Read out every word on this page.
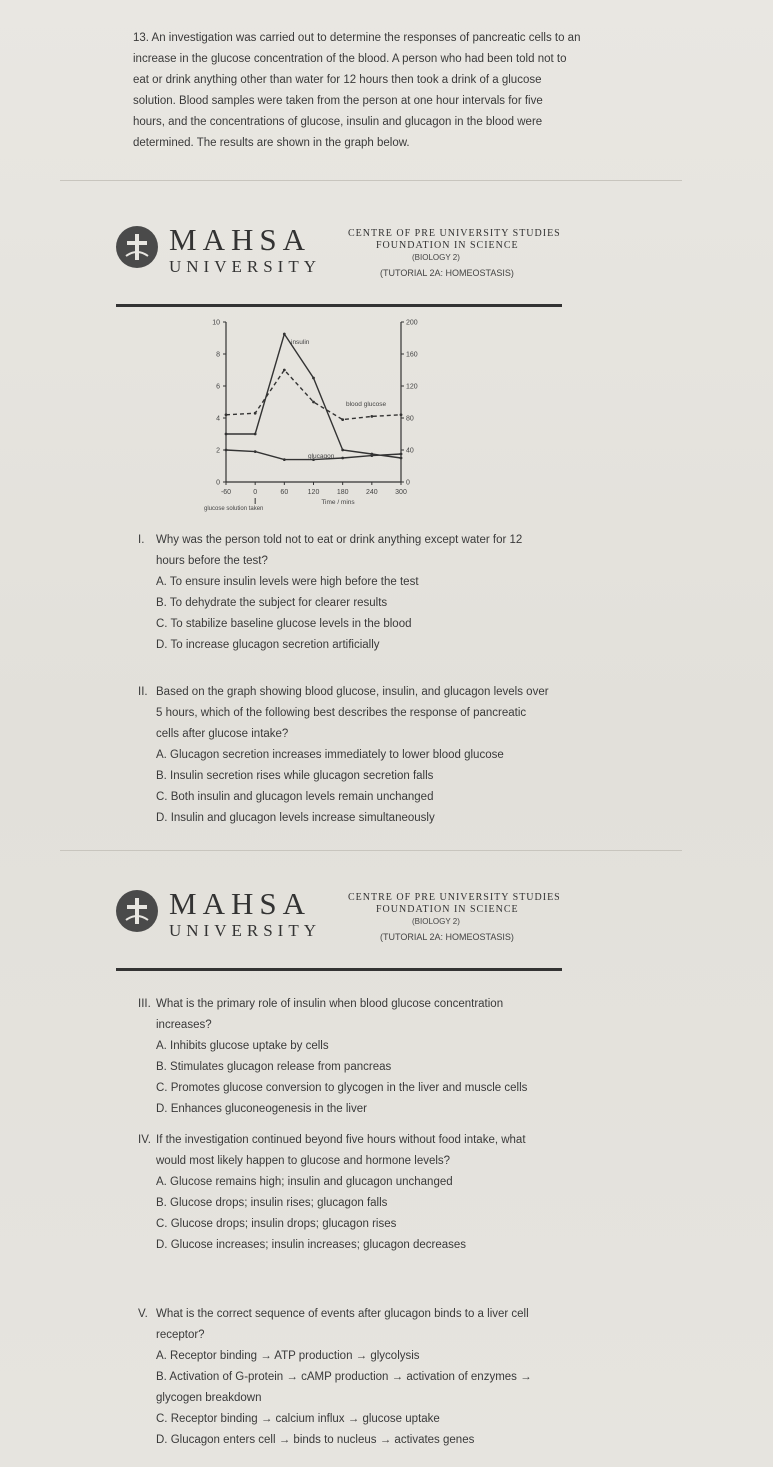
13. An investigation was carried out to determine the responses of pancreatic cells to an

increase in the glucose concentration of the blood. A person who had been told not to

eat or drink anything other than water for 12 hours then took a drink of a glucose

solution. Blood samples were taken from the person at one hour intervals for five

hours, and the concentrations of glucose, insulin and glucagon in the blood were

determined. The results are shown in the graph below.

MAHSA
UNIVERSITY
CENTRE OF PRE UNIVERSITY STUDIES
FOUNDATION IN SCIENCE
(BIOLOGY 2)
(TUTORIAL 2A: HOMEOSTASIS)
-60	0	60	120 180 240 300
0
2
4
6
8
10
0
40
80
120
160
200
insulin
blood glucose
glucagon
Time / mins
glucose solution taken

I. Why was the person told not to eat or drink anything except water for 12

hours before the test?

A. To ensure insulin levels were high before the test

B. To dehydrate the subject for clearer results

C. To stabilize baseline glucose levels in the blood

D. To increase glucagon secretion artificially

II. Based on the graph showing blood glucose, insulin, and glucagon levels over

5 hours, which of the following best describes the response of pancreatic

cells after glucose intake?

A. Glucagon secretion increases immediately to lower blood glucose

B. Insulin secretion rises while glucagon secretion falls

C. Both insulin and glucagon levels remain unchanged

D. Insulin and glucagon levels increase simultaneously

MAHSA
UNIVERSITY
CENTRE OF PRE UNIVERSITY STUDIES
FOUNDATION IN SCIENCE
(BIOLOGY 2)
(TUTORIAL 2A: HOMEOSTASIS)

III. What is the primary role of insulin when blood glucose concentration

increases?

A. Inhibits glucose uptake by cells

B. Stimulates glucagon release from pancreas

C. Promotes glucose conversion to glycogen in the liver and muscle cells

D. Enhances gluconeogenesis in the liver

IV. If the investigation continued beyond five hours without food intake, what

would most likely happen to glucose and hormone levels?

A. Glucose remains high; insulin and glucagon unchanged

B. Glucose drops; insulin rises; glucagon falls

C. Glucose drops; insulin drops; glucagon rises

D. Glucose increases; insulin increases; glucagon decreases

V. What is the correct sequence of events after glucagon binds to a liver cell

receptor?

A. Receptor binding → ATP production → glycolysis

B. Activation of G-protein → cAMP production → activation of enzymes →

glycogen breakdown

C. Receptor binding → calcium influx → glucose uptake

D. Glucagon enters cell → binds to nucleus → activates genes
